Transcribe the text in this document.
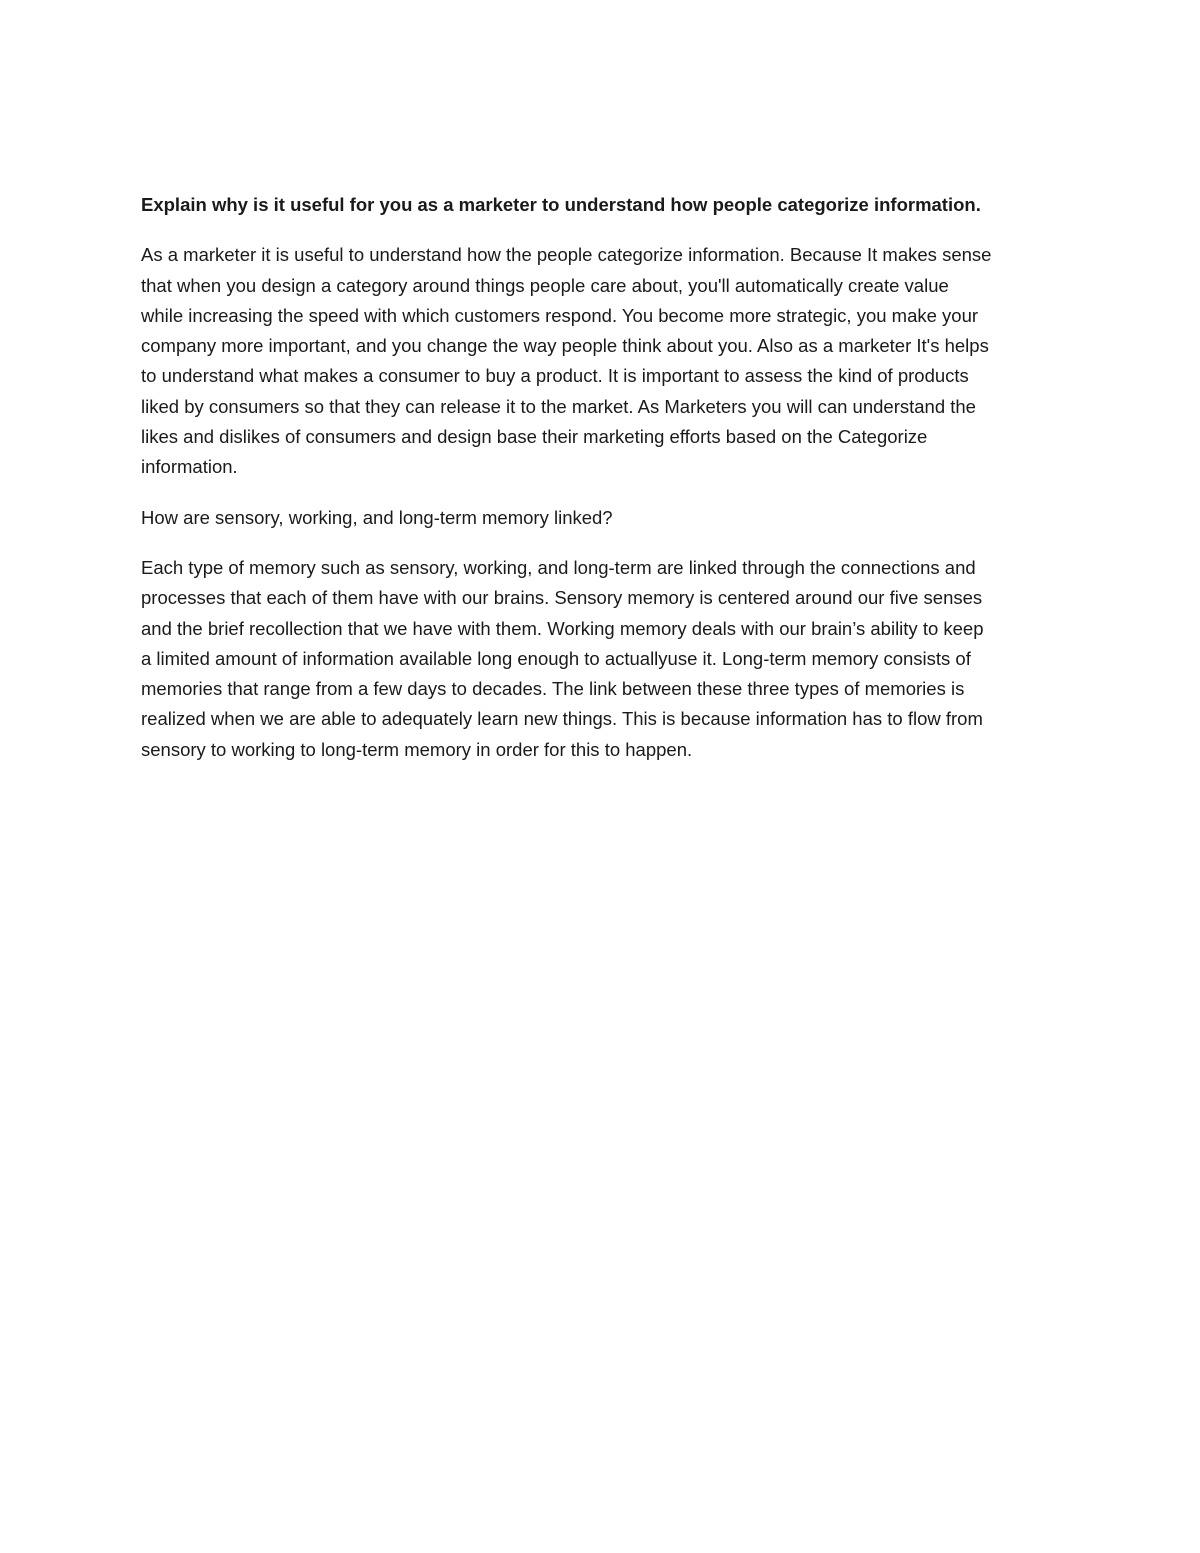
Explain why is it useful for you as a marketer to understand how people categorize information.

As a marketer it is useful to understand how the people categorize information. Because It makes sense
that when you design a category around things people care about, you'll automatically create value
while increasing the speed with which customers respond. You become more strategic, you make your
company more important, and you change the way people think about you. Also as a marketer It's helps
to understand what makes a consumer to buy a product. It is important to assess the kind of products
liked by consumers so that they can release it to the market. As Marketers you will can understand the
likes and dislikes of consumers and design base their marketing efforts based on the Categorize
information.

How are sensory, working, and long-term memory linked?

Each type of memory such as sensory, working, and long-term are linked through the connections and
processes that each of them have with our brains. Sensory memory is centered around our five senses
and the brief recollection that we have with them. Working memory deals with our brain’s ability to keep
a limited amount of information available long enough to actuallyuse it. Long-term memory consists of
memories that range from a few days to decades. The link between these three types of memories is
realized when we are able to adequately learn new things. This is because information has to flow from
sensory to working to long-term memory in order for this to happen.
